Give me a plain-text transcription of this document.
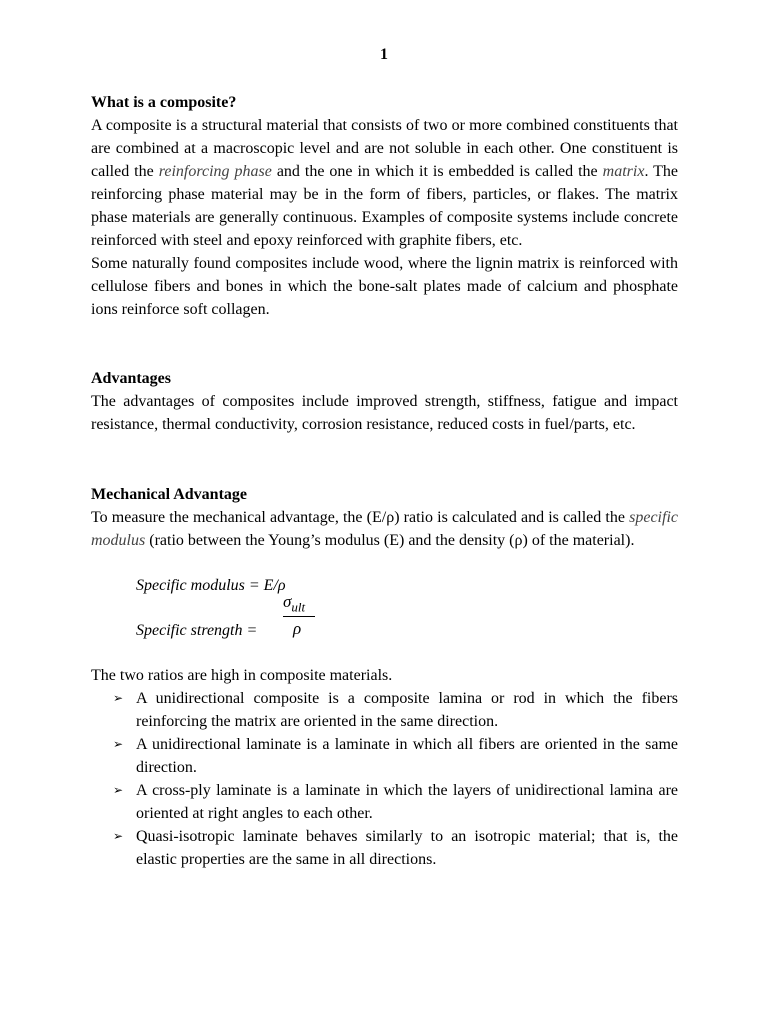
1
What is a composite?

A composite is a structural material that consists of two or more combined constituents that are combined at a macroscopic level and are not soluble in each other. One constituent is called the reinforcing phase and the one in which it is embedded is called the matrix. The reinforcing phase material may be in the form of fibers, particles, or flakes. The matrix phase materials are generally continuous. Examples of composite systems include concrete reinforced with steel and epoxy reinforced with graphite fibers, etc.

Some naturally found composites include wood, where the lignin matrix is reinforced with cellulose fibers and bones in which the bone-salt plates made of calcium and phosphate ions reinforce soft collagen.

Advantages

The advantages of composites include improved strength, stiffness, fatigue and impact resistance, thermal conductivity, corrosion resistance, reduced costs in fuel/parts, etc.

Mechanical Advantage

To measure the mechanical advantage, the (E/ρ) ratio is calculated and is called the specific modulus (ratio between the Young’s modulus (E) and the density (ρ) of the material).

Specific modulus = E/ρ
Specific strength =
$\sigma_{ult}$
ρ
The two ratios are high in composite materials.
➢ A unidirectional composite is a composite lamina or rod in which the fibers reinforcing the matrix are oriented in the same direction.
➢ A unidirectional laminate is a laminate in which all fibers are oriented in the same direction.
➢ A cross-ply laminate is a laminate in which the layers of unidirectional lamina are oriented at right angles to each other.
➢ Quasi-isotropic laminate behaves similarly to an isotropic material; that is, the elastic properties are the same in all directions.
